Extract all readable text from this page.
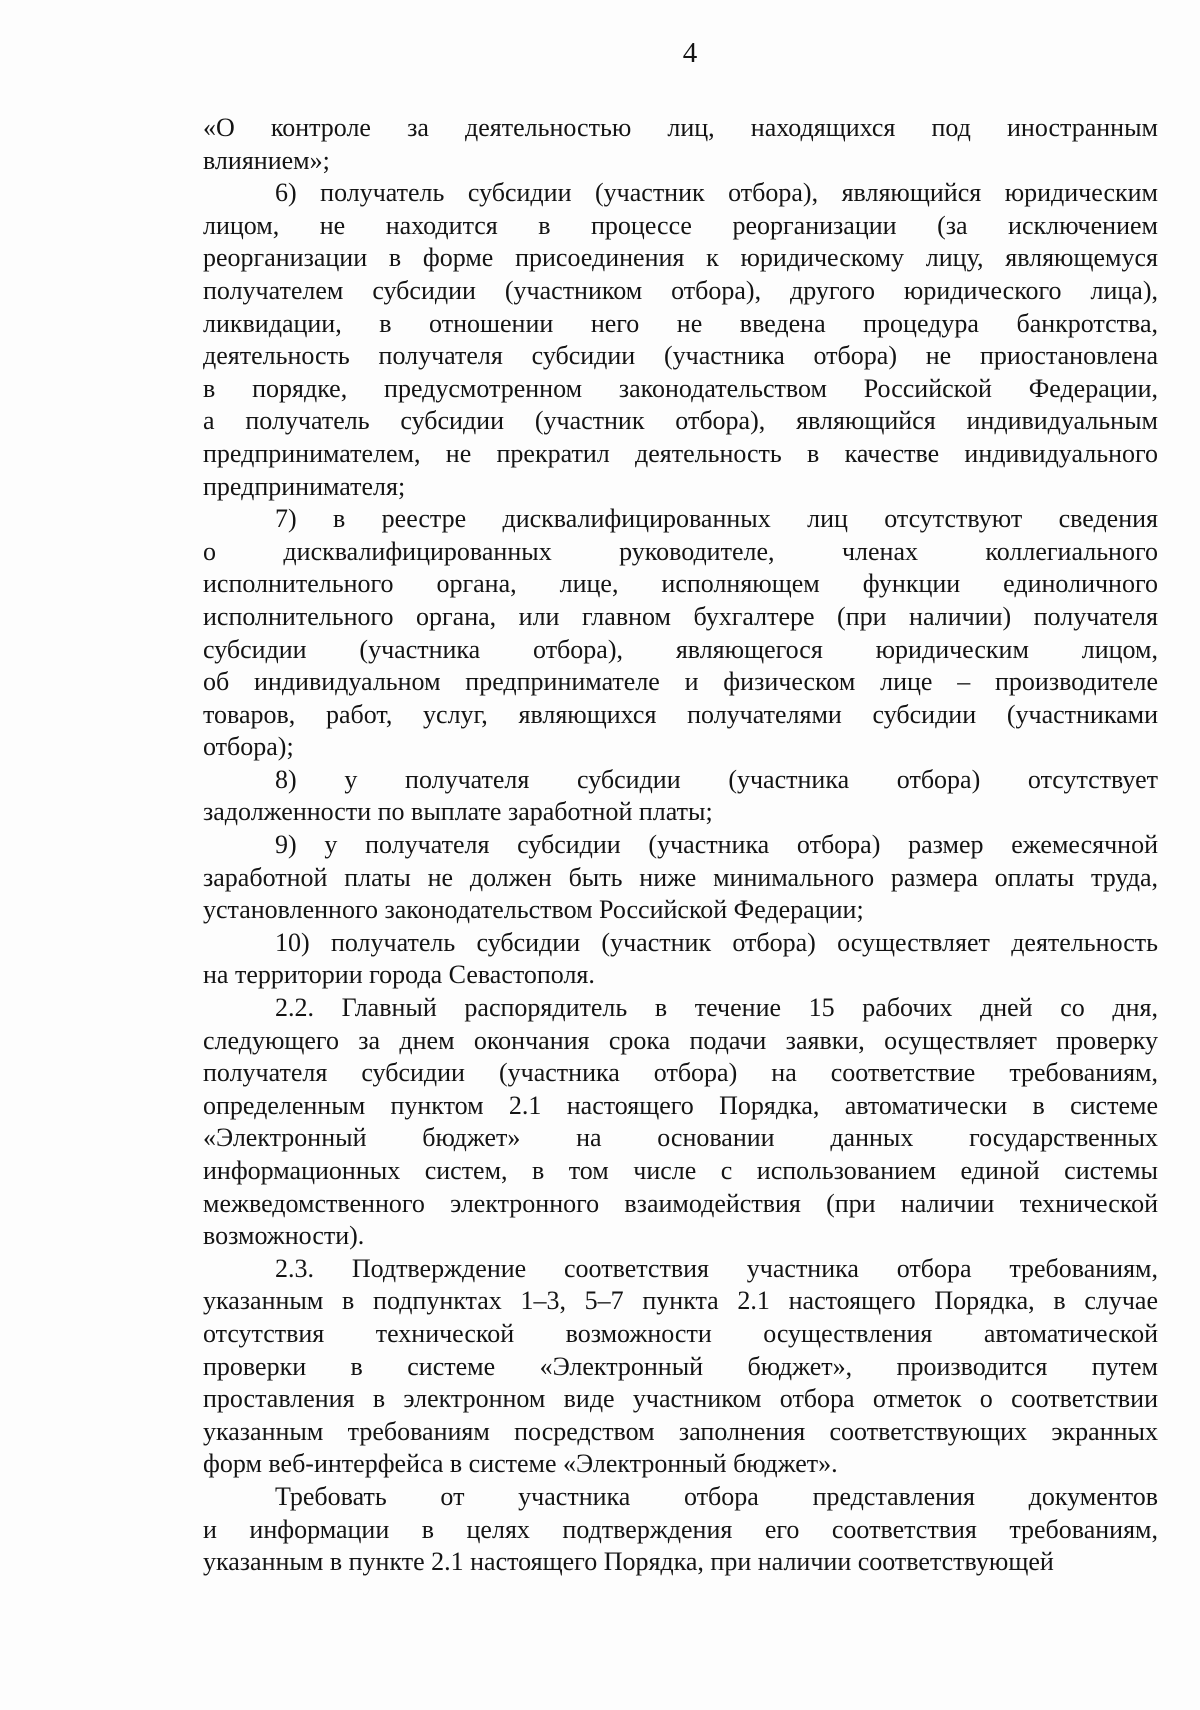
4
«О контроле за деятельностью лиц, находящихся под иностранным
влиянием»;
6) получатель субсидии (участник отбора), являющийся юридическим
лицом, не находится в процессе реорганизации (за исключением
реорганизации в форме присоединения к юридическому лицу, являющемуся
получателем субсидии (участником отбора), другого юридического лица),
ликвидации, в отношении него не введена процедура банкротства,
деятельность получателя субсидии (участника отбора) не приостановлена
в порядке, предусмотренном законодательством Российской Федерации,
а получатель субсидии (участник отбора), являющийся индивидуальным
предпринимателем, не прекратил деятельность в качестве индивидуального
предпринимателя;
7) в реестре дисквалифицированных лиц отсутствуют сведения
о дисквалифицированных руководителе, членах коллегиального
исполнительного органа, лице, исполняющем функции единоличного
исполнительного органа, или главном бухгалтере (при наличии) получателя
субсидии (участника отбора), являющегося юридическим лицом,
об индивидуальном предпринимателе и физическом лице – производителе
товаров, работ, услуг, являющихся получателями субсидии (участниками
отбора);
8) у получателя субсидии (участника отбора) отсутствует
задолженности по выплате заработной платы;
9) у получателя субсидии (участника отбора) размер ежемесячной
заработной платы не должен быть ниже минимального размера оплаты труда,
установленного законодательством Российской Федерации;
10) получатель субсидии (участник отбора) осуществляет деятельность
на территории города Севастополя.
2.2. Главный распорядитель в течение 15 рабочих дней со дня,
следующего за днем окончания срока подачи заявки, осуществляет проверку
получателя субсидии (участника отбора) на соответствие требованиям,
определенным пунктом 2.1 настоящего Порядка, автоматически в системе
«Электронный бюджет» на основании данных государственных
информационных систем, в том числе с использованием единой системы
межведомственного электронного взаимодействия (при наличии технической
возможности).
2.3. Подтверждение соответствия участника отбора требованиям,
указанным в подпунктах 1–3, 5–7 пункта 2.1 настоящего Порядка, в случае
отсутствия технической возможности осуществления автоматической
проверки в системе «Электронный бюджет», производится путем
проставления в электронном виде участником отбора отметок о соответствии
указанным требованиям посредством заполнения соответствующих экранных
форм веб-интерфейса в системе «Электронный бюджет».
Требовать от участника отбора представления документов
и информации в целях подтверждения его соответствия требованиям,
указанным в пункте 2.1 настоящего Порядка, при наличии соответствующей
